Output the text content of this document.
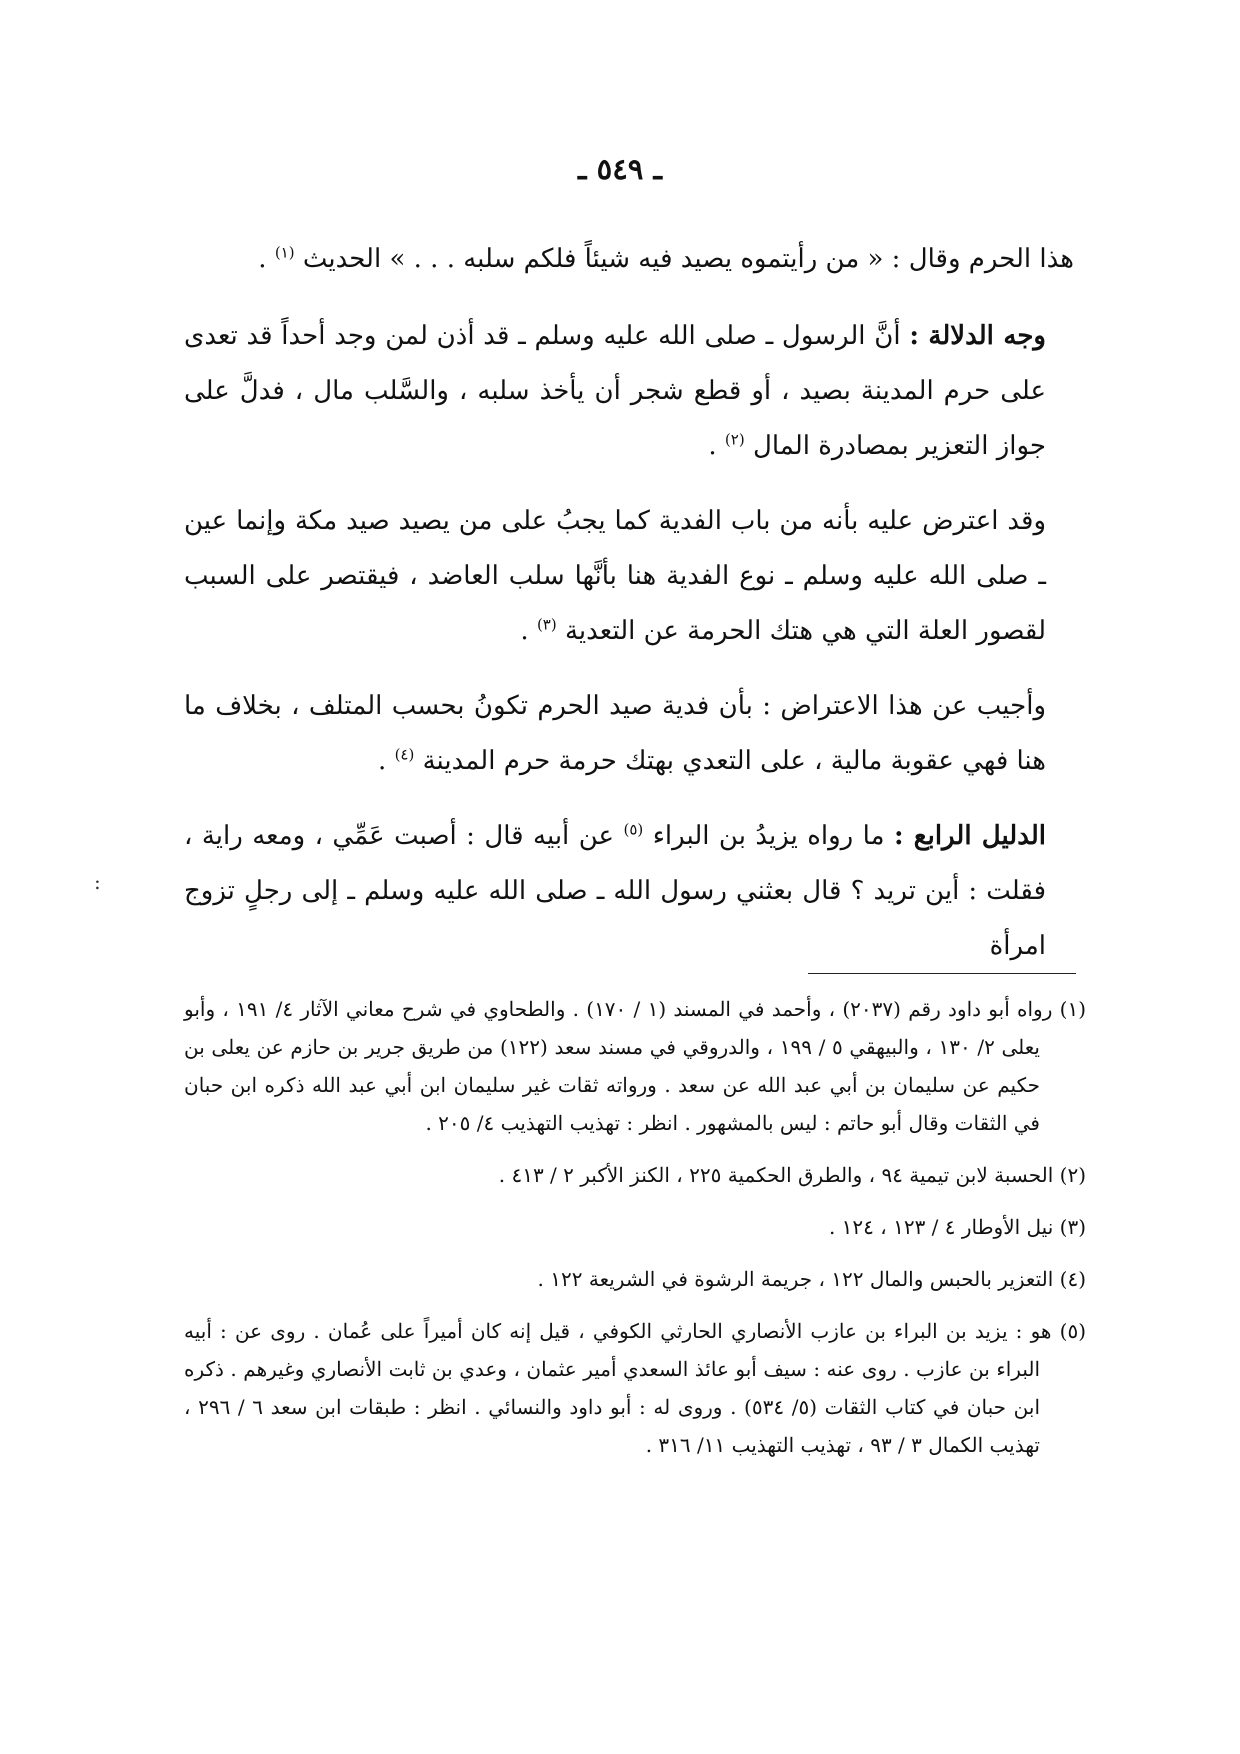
ـ ٥٤٩ ـ

هذا الحرم وقال : « من رأيتموه يصيد فيه شيئاً فلكم سلبه . . . » الحديث $^{(١)}$ .

وجه الدلالة : أنَّ الرسول ـ صلى الله عليه وسلم ـ قد أذن لمن وجد أحداً قد تعدى على حرم المدينة بصيد ، أو قطع شجر أن يأخذ سلبه ، والسَّلب مال ، فدلَّ على جواز التعزير بمصادرة المال $^{(٢)}$ .

وقد اعترض عليه بأنه من باب الفدية كما يجبُ على من يصيد صيد مكة وإنما عين ـ صلى الله عليه وسلم ـ نوع الفدية هنا بأنَّها سلب العاضد ، فيقتصر على السبب لقصور العلة التي هي هتك الحرمة عن التعدية $^{(٣)}$ .

وأجيب عن هذا الاعتراض : بأن فدية صيد الحرم تكونُ بحسب المتلف ، بخلاف ما هنا فهي عقوبة مالية ، على التعدي بهتك حرمة حرم المدينة $^{(٤)}$ .

الدليل الرابع : ما رواه يزيدُ بن البراء $^{(٥)}$ عن أبيه قال : أصبت عَمِّي ، ومعه راية ، فقلت : أين تريد ؟ قال بعثني رسول الله ـ صلى الله عليه وسلم ـ إلى رجلٍ تزوج امرأة

:

(١) رواه أبو داود رقم (٢٠٣٧) ، وأحمد في المسند (١ / ١٧٠) . والطحاوي في شرح معاني الآثار ٤/ ١٩١ ، وأبو يعلى ٢/ ١٣٠ ، والبيهقي ٥ / ١٩٩ ، والدروقي في مسند سعد (١٢٢) من طريق جرير بن حازم عن يعلى بن حكيم عن سليمان بن أبي عبد الله عن سعد . ورواته ثقات غير سليمان ابن أبي عبد الله ذكره ابن حبان في الثقات وقال أبو حاتم : ليس بالمشهور . انظر : تهذيب التهذيب ٤/ ٢٠٥ .

(٢) الحسبة لابن تيمية ٩٤ ، والطرق الحكمية ٢٢٥ ، الكنز الأكبر ٢ / ٤١٣ .

(٣) نيل الأوطار ٤ / ١٢٣ ، ١٢٤ .

(٤) التعزير بالحبس والمال ١٢٢ ، جريمة الرشوة في الشريعة ١٢٢ .

(٥) هو : يزيد بن البراء بن عازب الأنصاري الحارثي الكوفي ، قيل إنه كان أميراً على عُمان . روى عن : أبيه البراء بن عازب . روى عنه : سيف أبو عائذ السعدي أمير عثمان ، وعدي بن ثابت الأنصاري وغيرهم . ذكره ابن حبان في كتاب الثقات (٥/ ٥٣٤) . وروى له : أبو داود والنسائي . انظر : طبقات ابن سعد ٦ / ٢٩٦ ، تهذيب الكمال ٣ / ٩٣ ، تهذيب التهذيب ١١/ ٣١٦ .
